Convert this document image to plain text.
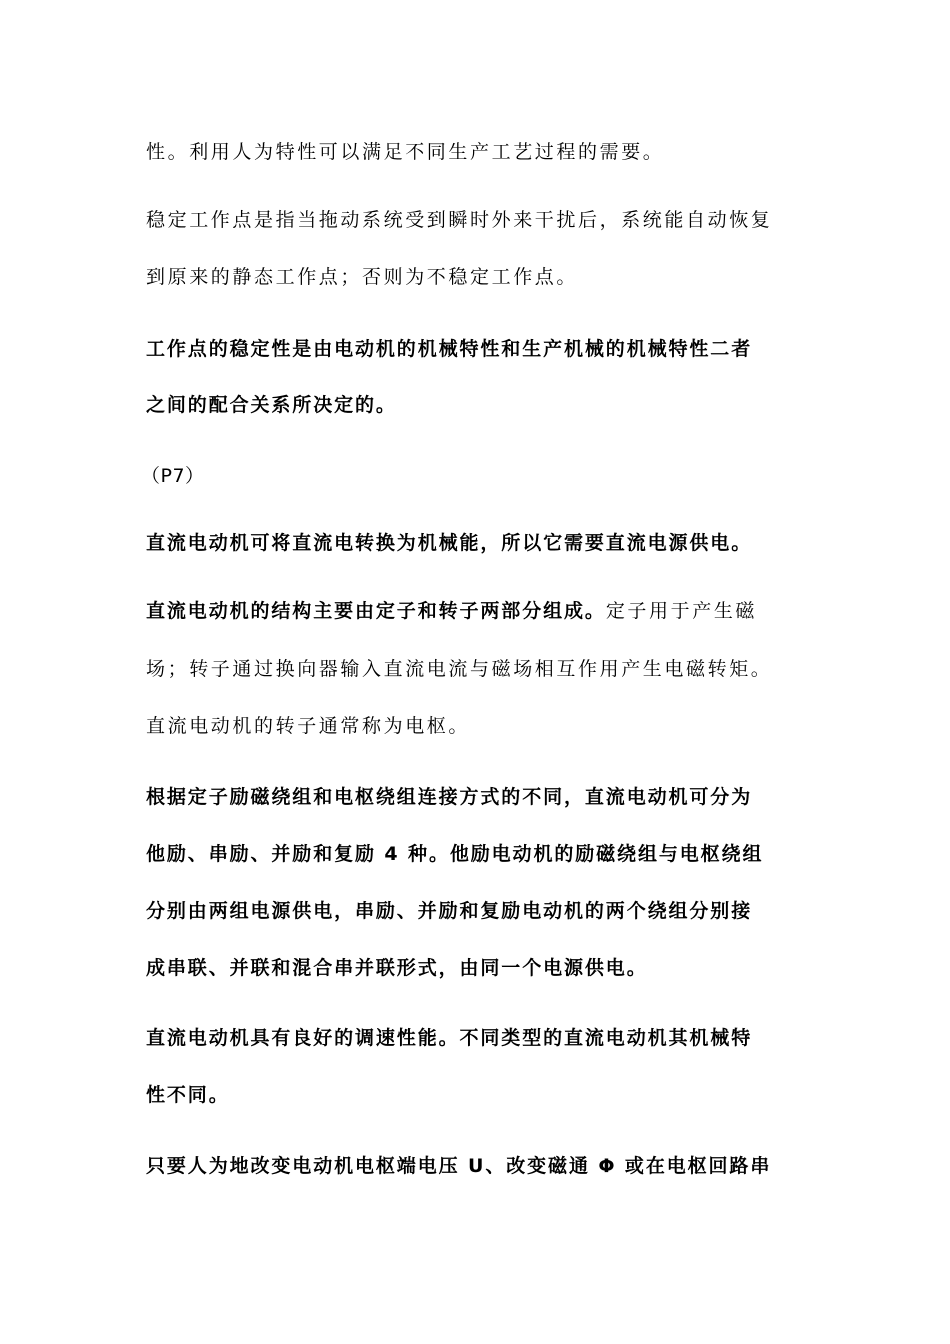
性。利用人为特性可以满足不同生产工艺过程的需要。
稳定工作点是指当拖动系统受到瞬时外来干扰后，系统能自动恢复
到原来的静态工作点；否则为不稳定工作点。
工作点的稳定性是由电动机的机械特性和生产机械的机械特性二者
之间的配合关系所决定的。
（P7）
直流电动机可将直流电转换为机械能，所以它需要直流电源供电。
直流电动机的结构主要由定子和转子两部分组成。定子用于产生磁
场；转子通过换向器输入直流电流与磁场相互作用产生电磁转矩。
直流电动机的转子通常称为电枢。
根据定子励磁绕组和电枢绕组连接方式的不同，直流电动机可分为
他励、串励、并励和复励 4 种。他励电动机的励磁绕组与电枢绕组
分别由两组电源供电，串励、并励和复励电动机的两个绕组分别接
成串联、并联和混合串并联形式，由同一个电源供电。
直流电动机具有良好的调速性能。不同类型的直流电动机其机械特
性不同。
只要人为地改变电动机电枢端电压 U、改变磁通 Φ 或在电枢回路串
